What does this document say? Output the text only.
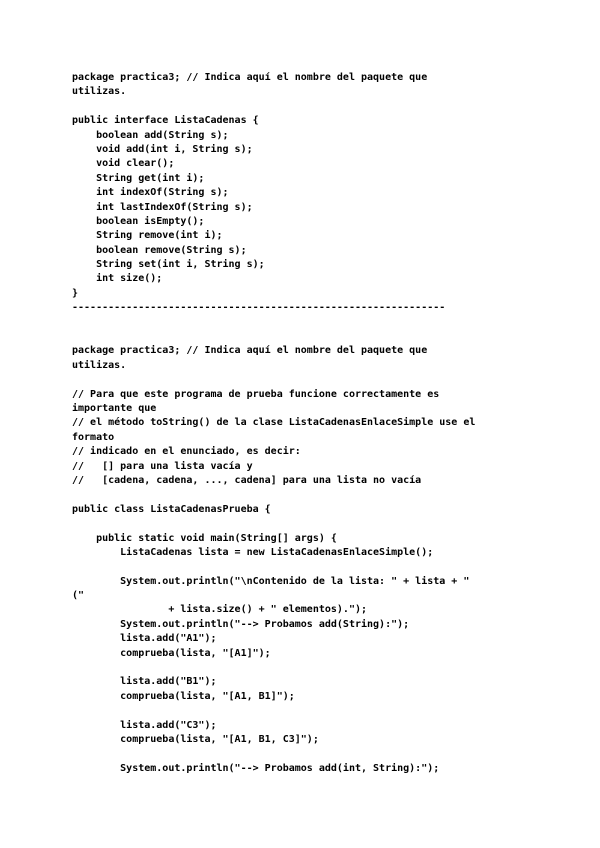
package practica3; // Indica aquí el nombre del paquete que
utilizas.
public interface ListaCadenas {
boolean add(String s);
void add(int i, String s);
void clear();
String get(int i);
int indexOf(String s);
int lastIndexOf(String s);
boolean isEmpty();
String remove(int i);
boolean remove(String s);
String set(int i, String s);
int size();
}
--------------------------------------------------------------
package practica3; // Indica aquí el nombre del paquete que
utilizas.
// Para que este programa de prueba funcione correctamente es
importante que
// el método toString() de la clase ListaCadenasEnlaceSimple use el
formato
// indicado en el enunciado, es decir:
//   [] para una lista vacía y
//   [cadena, cadena, ..., cadena] para una lista no vacía
public class ListaCadenasPrueba {
public static void main(String[] args) {
ListaCadenas lista = new ListaCadenasEnlaceSimple();
System.out.println("\nContenido de la lista: " + lista + "
("
+ lista.size() + " elementos).");
System.out.println("--> Probamos add(String):");
lista.add("A1");
comprueba(lista, "[A1]");
lista.add("B1");
comprueba(lista, "[A1, B1]");
lista.add("C3");
comprueba(lista, "[A1, B1, C3]");
System.out.println("--> Probamos add(int, String):");
